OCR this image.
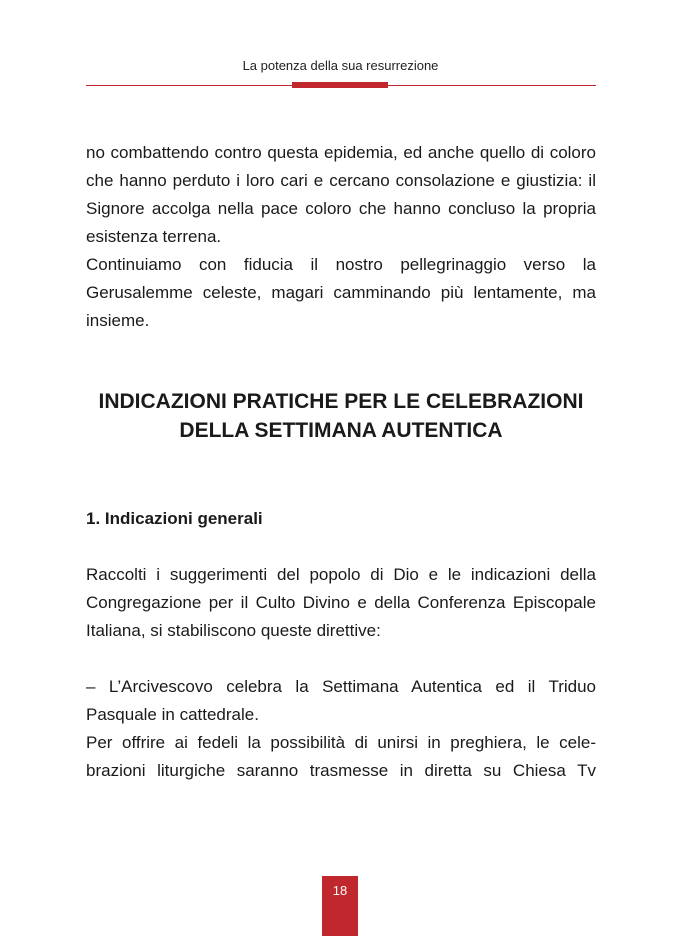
La potenza della sua resurrezione

no combattendo contro questa epidemia, ed anche quello di coloro che hanno perduto i loro cari e cercano consolazione e giustizia: il Signore accolga nella pace coloro che hanno concluso la propria esistenza terrena.

Continuiamo con fiducia il nostro pellegrinaggio verso la Gerusalemme celeste, magari camminando più lentamente, ma insieme.

INDICAZIONI PRATICHE PER LE CELEBRAZIONI
DELLA SETTIMANA AUTENTICA
1. Indicazioni generali

Raccolti i suggerimenti del popolo di Dio e le indicazioni della Congregazione per il Culto Divino e della Conferenza Episcopale Italiana, si stabiliscono queste direttive:

– L’Arcivescovo celebra la Settimana Autentica ed il Triduo Pasquale in cattedrale.

Per offrire ai fedeli la possibilità di unirsi in preghiera, le celebrazioni liturgiche saranno trasmesse in diretta su Chiesa Tv

18
